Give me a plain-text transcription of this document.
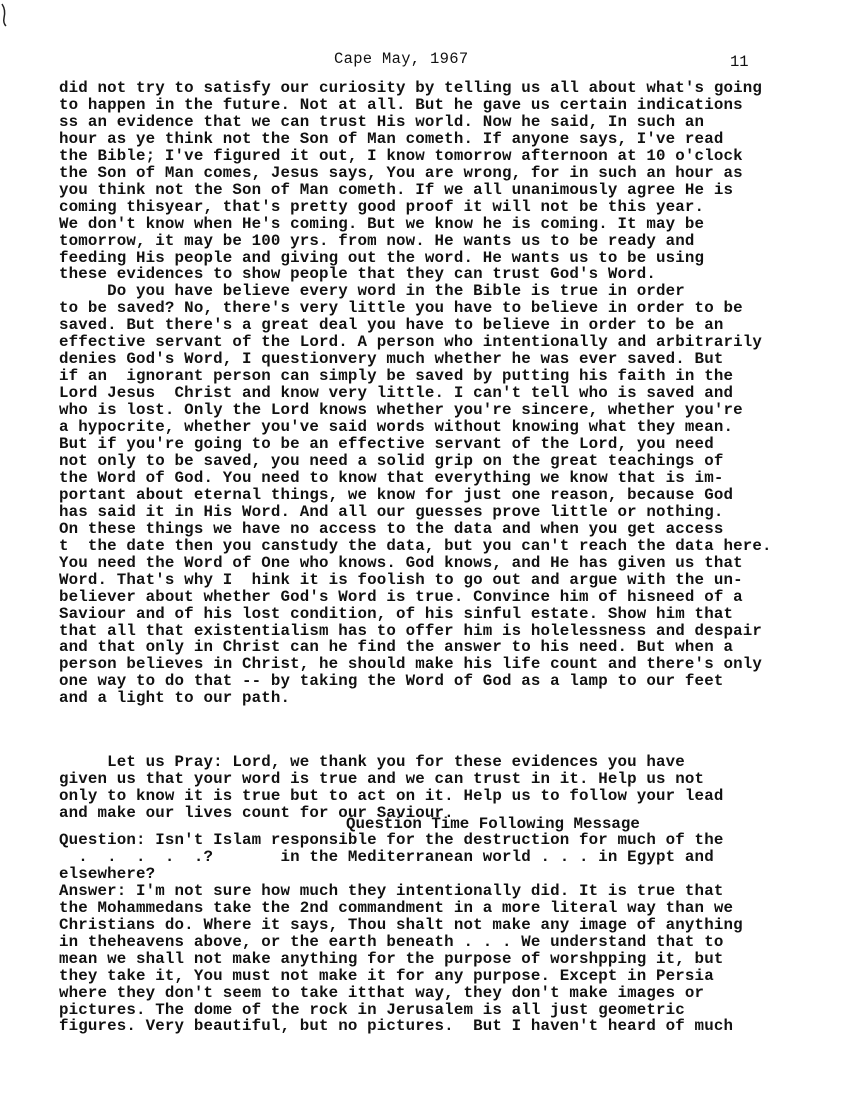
Cape May, 1967	11
did not try to satisfy our curiosity by telling us all about what's going
to happen in the future. Not at all. But he gave us certain indications
ss an evidence that we can trust His world. Now he said, In such an
hour as ye think not the Son of Man cometh. If anyone says, I've read
the Bible; I've figured it out, I know tomorrow afternoon at 10 o'clock
the Son of Man comes, Jesus says, You are wrong, for in such an hour as
you think not the Son of Man cometh. If we all unanimously agree He is
coming thisyear, that's pretty good proof it will not be this year.
We don't know when He's coming. But we know he is coming. It may be
tomorrow, it may be 100 yrs. from now. He wants us to be ready and
feeding His people and giving out the word. He wants us to be using
these evidences to show people that they can trust God's Word.
Do you have believe every word in the Bible is true in order
to be saved? No, there's very little you have to believe in order to be
saved. But there's a great deal you have to believe in order to be an
effective servant of the Lord. A person who intentionally and arbitrarily
denies God's Word, I questionvery much whether he was ever saved. But
if an  ignorant person can simply be saved by putting his faith in the
Lord Jesus  Christ and know very little. I can't tell who is saved and
who is lost. Only the Lord knows whether you're sincere, whether you're
a hypocrite, whether you've said words without knowing what they mean.
But if you're going to be an effective servant of the Lord, you need
not only to be saved, you need a solid grip on the great teachings of
the Word of God. You need to know that everything we know that is im-
portant about eternal things, we know for just one reason, because God
has said it in His Word. And all our guesses prove little or nothing.
On these things we have no access to the data and when you get access
t  the date then you canstudy the data, but you can't reach the data here.
You need the Word of One who knows. God knows, and He has given us that
Word. That's why I  hink it is foolish to go out and argue with the un-
believer about whether God's Word is true. Convince him of hisneed of a
Saviour and of his lost condition, of his sinful estate. Show him that
that all that existentialism has to offer him is holelessness and despair
and that only in Christ can he find the answer to his need. But when a
person believes in Christ, he should make his life count and there's only
one way to do that -- by taking the Word of God as a lamp to our feet
and a light to our path.
Let us Pray: Lord, we thank you for these evidences you have
given us that your word is true and we can trust in it. Help us not
only to know it is true but to act on it. Help us to follow your lead
and make our lives count for our Saviour.
Question Time Following Message
Question: Isn't Islam responsible for the destruction for much of the
.  .  .  .  .?       in the Mediterranean world . . . in Egypt and
elsewhere?
Answer: I'm not sure how much they intentionally did. It is true that
the Mohammedans take the 2nd commandment in a more literal way than we
Christians do. Where it says, Thou shalt not make any image of anything
in theheavens above, or the earth beneath . . . We understand that to
mean we shall not make anything for the purpose of worshpping it, but
they take it, You must not make it for any purpose. Except in Persia
where they don't seem to take itthat way, they don't make images or
pictures. The dome of the rock in Jerusalem is all just geometric
figures. Very beautiful, but no pictures.  But I haven't heard of much
